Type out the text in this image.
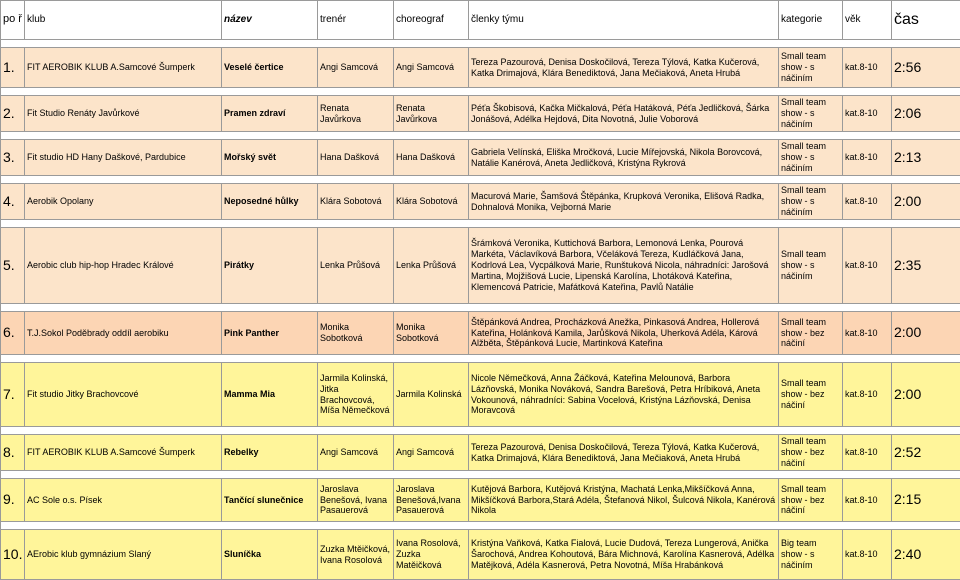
po ř	klub	název	trenér	choreograf	členky týmu	kategorie	věk	čas

1.	FIT AEROBIK KLUB A.Samcové Šumperk	Veselé čertice	Angi Samcová	Angi Samcová	Tereza Pazourová, Denisa Doskočilová, Tereza Týlová, Katka Kučerová, Katka Drimajová, Klára Benediktová, Jana Mečiaková, Aneta Hrubá	Small team show - s náčiním	kat.8-10	2:56

2.	Fit Studio Renáty Javůrkové	Pramen zdraví	Renata Javůrkova	Renata Javůrkova	Péťa Škobisová, Kačka Mičkalová, Péťa Hatáková, Péťa Jedličková, Šárka Jonášová, Adélka Hejdová, Dita Novotná, Julie Voborová	Small team show - s náčiním	kat.8-10	2:06

3.	Fit studio HD Hany Daškové, Pardubice	Mořský svět	Hana Dašková	Hana Dašková	Gabriela Velínská, Eliška Mročková, Lucie Mířejovská, Nikola Borovcová, Natálie Kanérová, Aneta Jedličková, Kristýna Rykrová	Small team show - s náčiním	kat.8-10	2:13

4.	Aerobik Opolany	Neposedné hůlky	Klára Sobotová	Klára Sobotová	Macurová Marie, Šamšová Štěpánka, Krupková Veronika, Elišová Radka, Dohnalová Monika, Vejborná Marie	Small team show - s náčiním	kat.8-10	2:00

5.	Aerobic club hip-hop Hradec Králové	Pirátky	Lenka Průšová	Lenka Průšová	Šrámková Veronika, Kuttichová Barbora, Lemonová Lenka, Pourová Markéta, Václavíková Barbora, Včeláková Tereza, Kudláčková Jana, Kodrlová Lea, Vycpálková Marie, Runštuková Nicola, náhradníci: Jarošová Martina, Mojžišová Lucie, Lipenská Karolína, Lhotáková Kateřina, Klemencová Patricie, Mafátková Kateřina, Pavlů Natálie	Small team show - s náčiním	kat.8-10	2:35

6.	T.J.Sokol Poděbrady oddíl aerobiku	Pink Panther	Monika Sobotková	Monika Sobotková	Štěpánková Andrea, Procházková Anežka, Pinkasová Andrea, Hollerová Kateřina, Holánková Kamila, Jarůšková Nikola, Uherková Adéla, Kárová Alžběta, Štěpánková Lucie, Martinková Kateřina	Small team show - bez náčiní	kat.8-10	2:00

7.	Fit studio Jitky Brachovcové	Mamma Mia	Jarmila Kolinská, Jitka Brachovcová, Míša Němečková	Jarmila Kolinská	Nicole Němečková, Anna Žáčková, Kateřina Melounová, Barbora Lázňovská, Monika Nováková, Sandra Barešová, Petra Hríbiková, Aneta Vokounová, náhradníci: Sabina Vocelová, Kristýna Lázňovská, Denisa Moravcová	Small team show - bez náčiní	kat.8-10	2:00

8.	FIT AEROBIK KLUB A.Samcové Šumperk	Rebelky	Angi Samcová	Angi Samcová	Tereza Pazourová, Denisa Doskočilová, Tereza Týlová, Katka Kučerová, Katka Drimajová, Klára Benediktová, Jana Mečiaková, Aneta Hrubá	Small team show - bez náčiní	kat.8-10	2:52

9.	AC Sole o.s. Písek	Tančící slunečnice	Jaroslava Benešová, Ivana Pasauerová	Jaroslava Benešová,Ivana Pasauerová	Kutějová Barbora, Kutějová Kristýna, Machatá Lenka,Mikšíčková Anna, Mikšíčková Barbora,Stará Adéla, Štefanová Nikol, Šulcová Nikola, Kanérová Nikola	Small team show - bez náčiní	kat.8-10	2:15

10.	AErobic klub gymnázium Slaný	Sluníčka	Zuzka Mtěičková, Ivana Rosolová	Ivana Rosolová, Zuzka Matěičková	Kristýna Vaňková, Katka Fialová, Lucie Dudová, Tereza Lungerová, Anička Šarochová, Andrea Kohoutová, Bára Michnová, Karolína Kasnerová, Adélka Matějková, Adéla Kasnerová, Petra Novotná, Míša Hrabánková	Big team show - s náčiním	kat.8-10	2:40
